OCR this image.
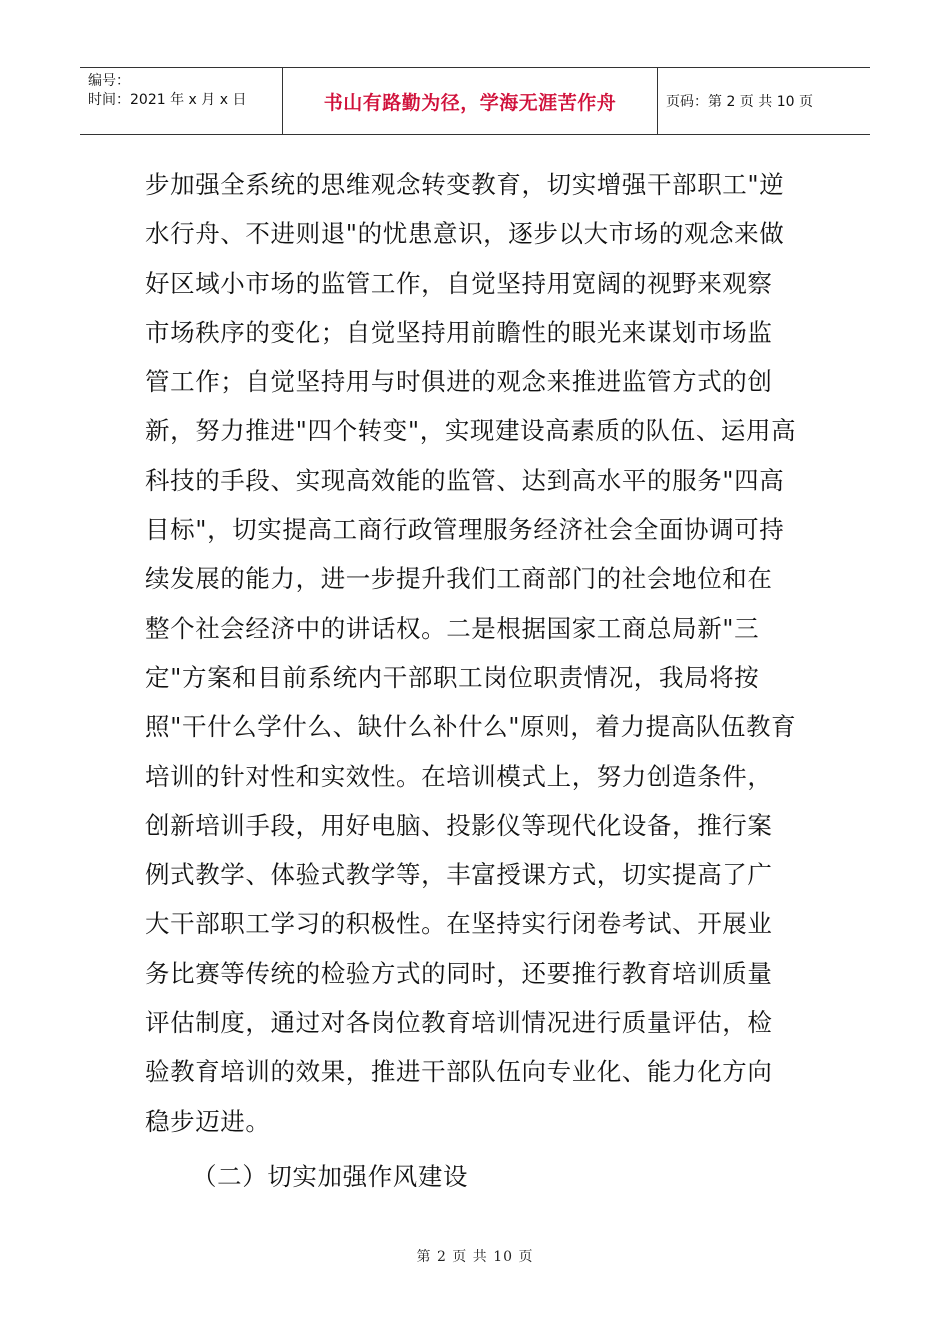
编号：
时间：2021 年 x 月 x 日	书山有路勤为径，学海无涯苦作舟	页码：第 2 页 共 10 页
步加强全系统的思维观念转变教育，切实增强干部职工"逆
水行舟、不进则退"的忧患意识，逐步以大市场的观念来做
好区域小市场的监管工作，自觉坚持用宽阔的视野来观察
市场秩序的变化；自觉坚持用前瞻性的眼光来谋划市场监
管工作；自觉坚持用与时俱进的观念来推进监管方式的创
新，努力推进"四个转变"，实现建设高素质的队伍、运用高
科技的手段、实现高效能的监管、达到高水平的服务"四高
目标"，切实提高工商行政管理服务经济社会全面协调可持
续发展的能力，进一步提升我们工商部门的社会地位和在
整个社会经济中的讲话权。二是根据国家工商总局新"三
定"方案和目前系统内干部职工岗位职责情况，我局将按
照"干什么学什么、缺什么补什么"原则，着力提高队伍教育
培训的针对性和实效性。在培训模式上，努力创造条件，
创新培训手段，用好电脑、投影仪等现代化设备，推行案
例式教学、体验式教学等，丰富授课方式，切实提高了广
大干部职工学习的积极性。在坚持实行闭卷考试、开展业
务比赛等传统的检验方式的同时，还要推行教育培训质量
评估制度，通过对各岗位教育培训情况进行质量评估，检
验教育培训的效果，推进干部队伍向专业化、能力化方向
稳步迈进。
（二）切实加强作风建设
第 2 页 共 10 页
